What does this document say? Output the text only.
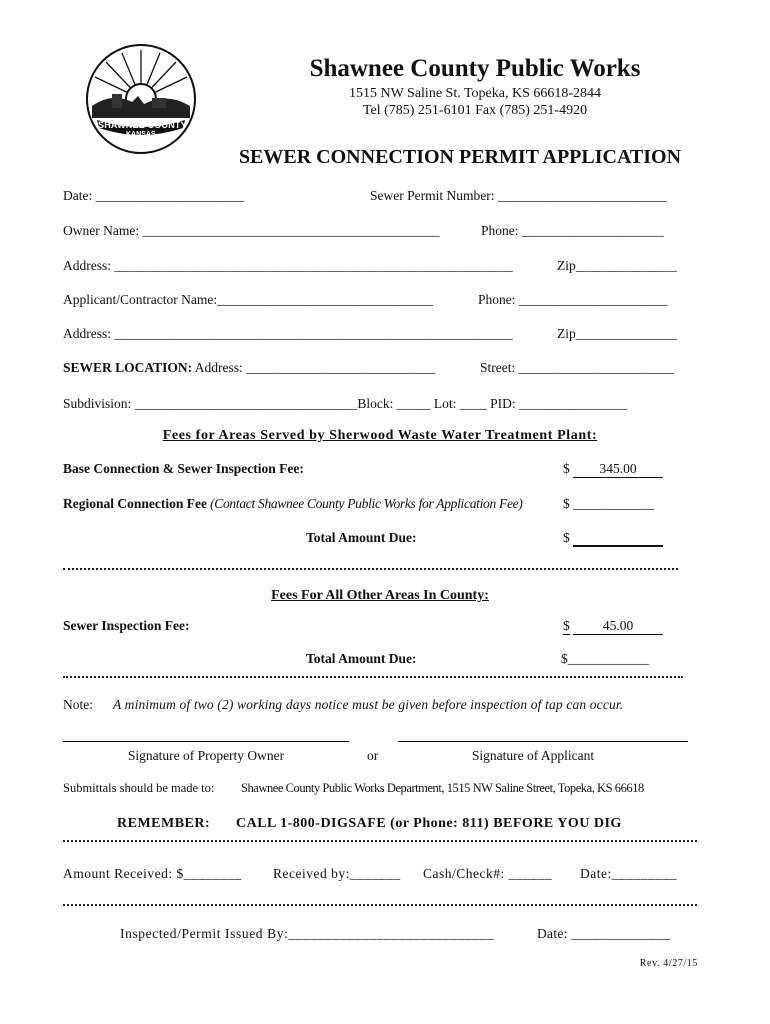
SHAWNEE COUNTY
KANSAS
Shawnee County Public Works
1515 NW Saline St. Topeka, KS 66618-2844
Tel (785) 251-6101 Fax (785) 251-4920
SEWER CONNECTION PERMIT APPLICATION
Date: ______________________	Sewer Permit Number: _________________________
Owner Name: ____________________________________________	Phone: _____________________
Address: ___________________________________________________________	Zip_______________
Applicant/Contractor Name:________________________________	Phone: ______________________
Address: ___________________________________________________________	Zip_______________
SEWER LOCATION: Address: ____________________________	Street: _______________________
Subdivision: _________________________________Block: _____ Lot: ____ PID: ________________
Fees for Areas Served by Sherwood Waste Water Treatment Plant:
Base Connection & Sewer Inspection Fee:	$	345.00
Regional Connection Fee (Contact Shawnee County Public Works for Application Fee)	$ ____________
Total Amount Due:	$
Fees For All Other Areas In County:
Sewer Inspection Fee:	$	45.00
Total Amount Due:	$____________
Note: A minimum of two (2) working days notice must be given before inspection of tap can occur.
Signature of Property Owner	or	Signature of Applicant
Submittals should be made to: Shawnee County Public Works Department, 1515 NW Saline Street, Topeka, KS 66618
REMEMBER: CALL 1-800-DIGSAFE (or Phone: 811) BEFORE YOU DIG
Amount Received: $________ Received by:_______ Cash/Check#: ______ Date:_________
Inspected/Permit Issued By:____________________________	Date: ______________
Rev. 4/27/15
